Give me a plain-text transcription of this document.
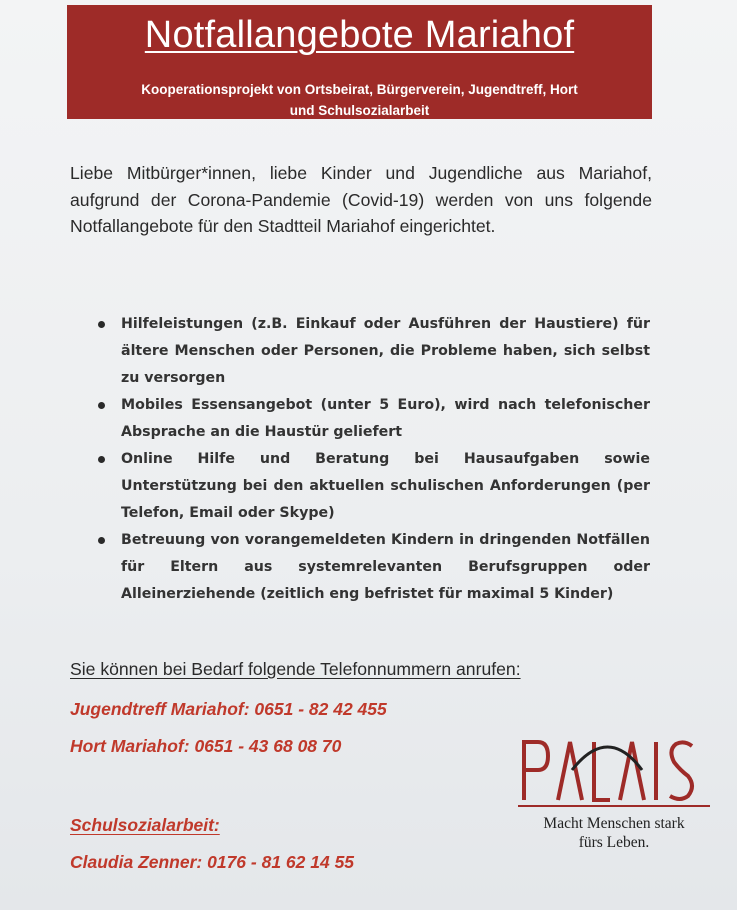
Notfallangebote Mariahof
Kooperationsprojekt von Ortsbeirat, Bürgerverein, Jugendtreff, Hort
und Schulsozialarbeit

Liebe Mitbürger*innen, liebe Kinder und Jugendliche aus Mariahof, aufgrund der Corona-Pandemie (Covid-19) werden von uns folgende Notfallangebote für den Stadtteil Mariahof eingerichtet.

Hilfeleistungen (z.B. Einkauf oder Ausführen der Haustiere) für ältere Menschen oder Personen, die Probleme haben, sich selbst zu versorgen
Mobiles Essensangebot (unter 5 Euro), wird nach telefonischer Absprache an die Haustür geliefert
Online Hilfe und Beratung bei Hausaufgaben sowie Unterstützung bei den aktuellen schulischen Anforderungen (per Telefon, Email oder Skype)
Betreuung von vorangemeldeten Kindern in dringenden Notfällen für Eltern aus systemrelevanten Berufsgruppen oder Alleinerziehende (zeitlich eng befristet für maximal 5 Kinder)
Sie können bei Bedarf folgende Telefonnummern anrufen:
Jugendtreff Mariahof: 0651 - 82 42 455
Hort Mariahof: 0651 - 43 68 08 70
Schulsozialarbeit:
Claudia Zenner: 0176 - 81 62 14 55
Macht Menschen stark
fürs Leben.
